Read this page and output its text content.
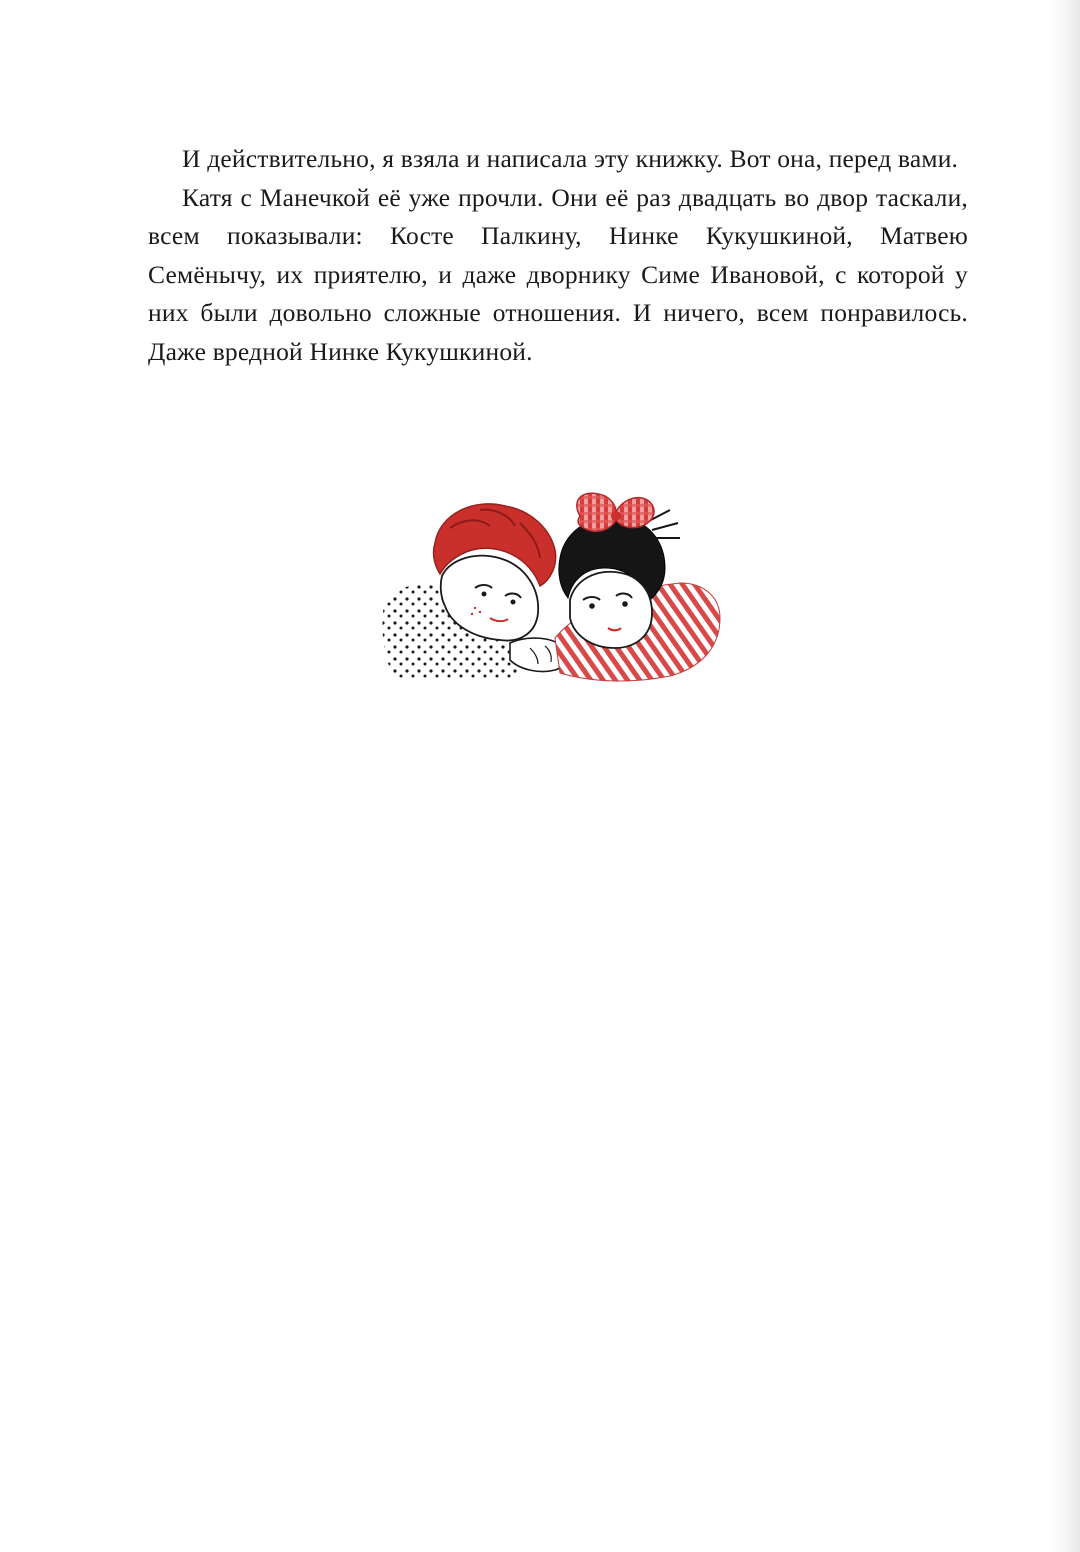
И действительно, я взяла и написала эту книжку. Вот она, перед вами.

Катя с Манечкой её уже прочли. Они её раз двадцать во двор таскали, всем показывали: Косте Палкину, Нинке Кукушкиной, Матвею Семёнычу, их приятелю, и даже дворнику Симе Ивановой, с которой у них были довольно сложные отношения. И ничего, всем понравилось. Даже вредной Нинке Кукушкиной.
